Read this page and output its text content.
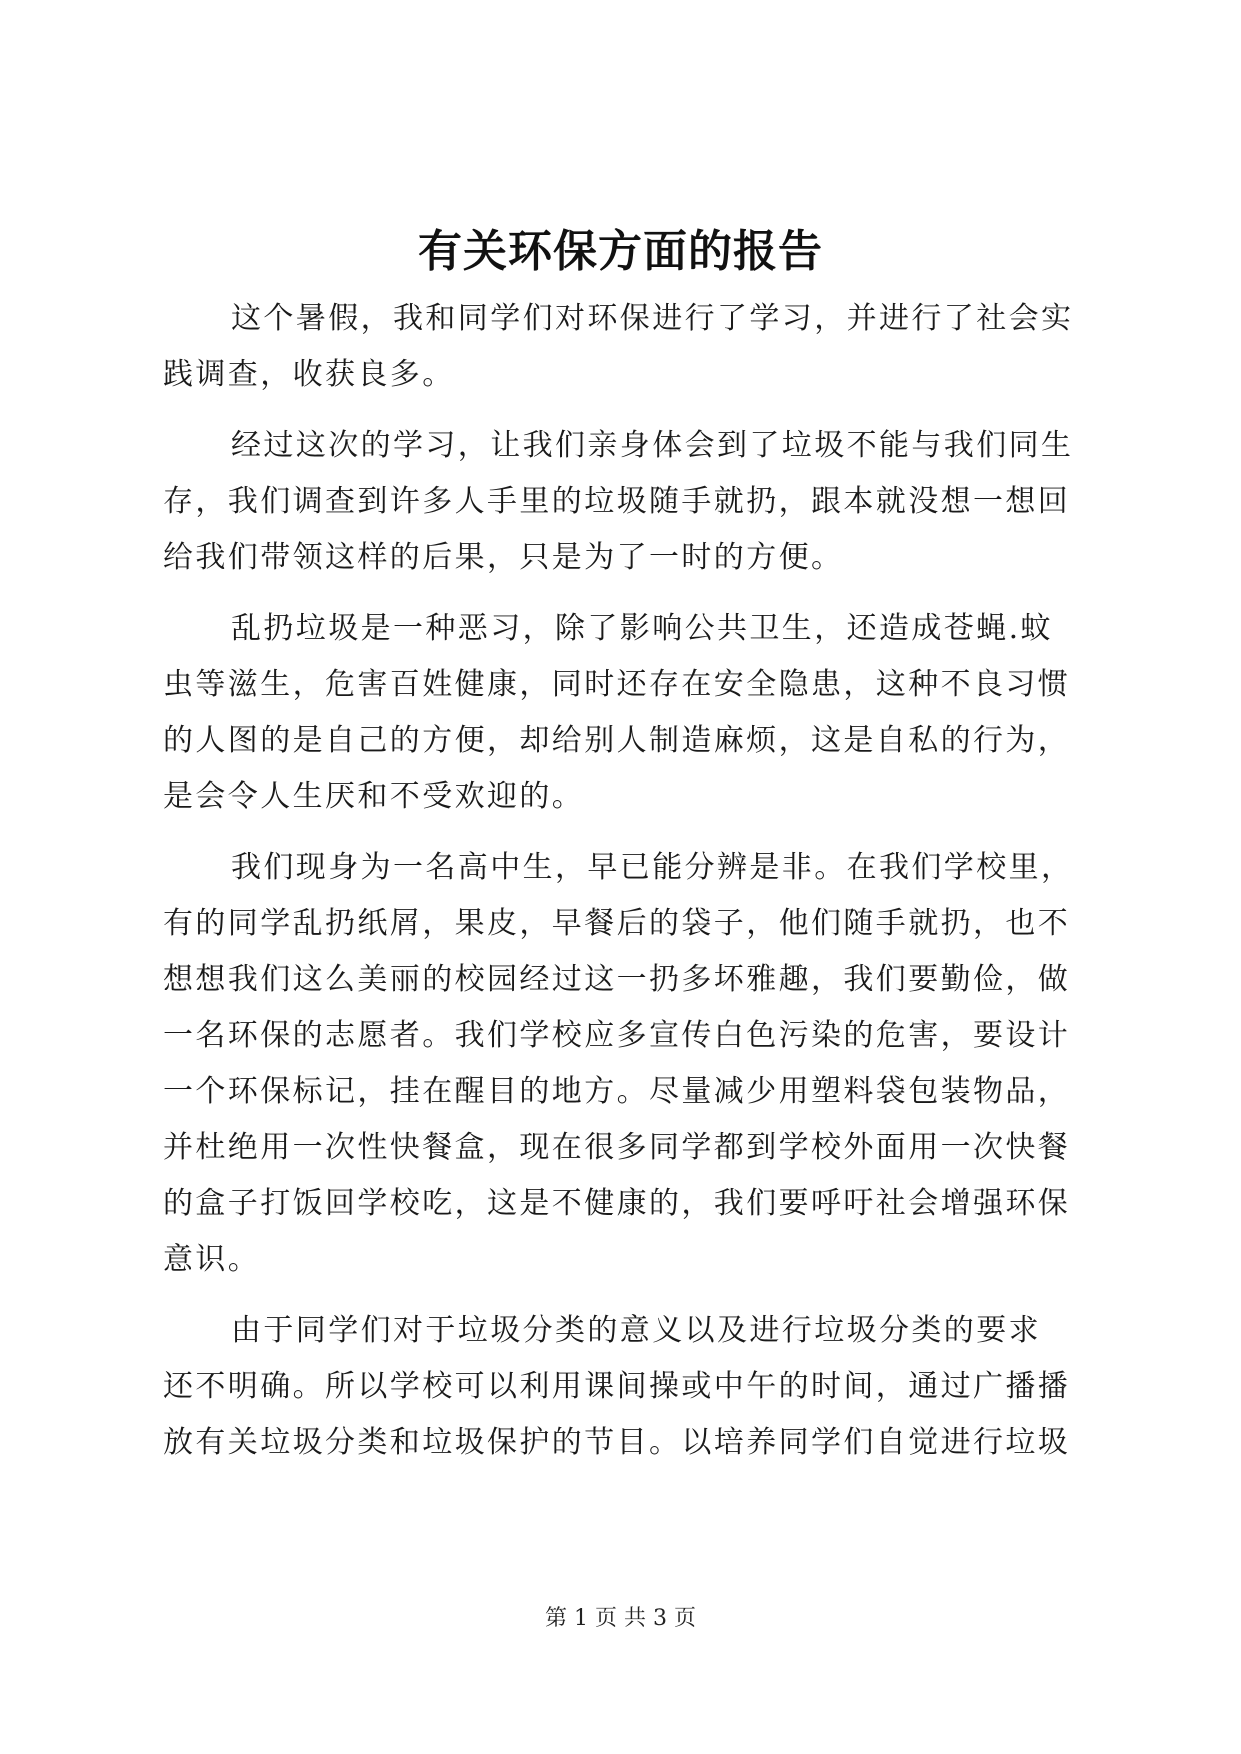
有关环保方面的报告
这个暑假，我和同学们对环保进行了学习，并进行了社会实
践调查，收获良多。
经过这次的学习，让我们亲身体会到了垃圾不能与我们同生
存，我们调查到许多人手里的垃圾随手就扔，跟本就没想一想回
给我们带领这样的后果，只是为了一时的方便。
乱扔垃圾是一种恶习，除了影响公共卫生，还造成苍蝇.蚊
虫等滋生，危害百姓健康，同时还存在安全隐患，这种不良习惯
的人图的是自己的方便，却给别人制造麻烦，这是自私的行为，
是会令人生厌和不受欢迎的。
我们现身为一名高中生，早已能分辨是非。在我们学校里，
有的同学乱扔纸屑，果皮，早餐后的袋子，他们随手就扔，也不
想想我们这么美丽的校园经过这一扔多坏雅趣，我们要勤俭，做
一名环保的志愿者。我们学校应多宣传白色污染的危害，要设计
一个环保标记，挂在醒目的地方。尽量减少用塑料袋包装物品，
并杜绝用一次性快餐盒，现在很多同学都到学校外面用一次快餐
的盒子打饭回学校吃，这是不健康的，我们要呼吁社会增强环保
意识。
由于同学们对于垃圾分类的意义以及进行垃圾分类的要求
还不明确。所以学校可以利用课间操或中午的时间，通过广播播
放有关垃圾分类和垃圾保护的节目。以培养同学们自觉进行垃圾
第 1 页 共 3 页
